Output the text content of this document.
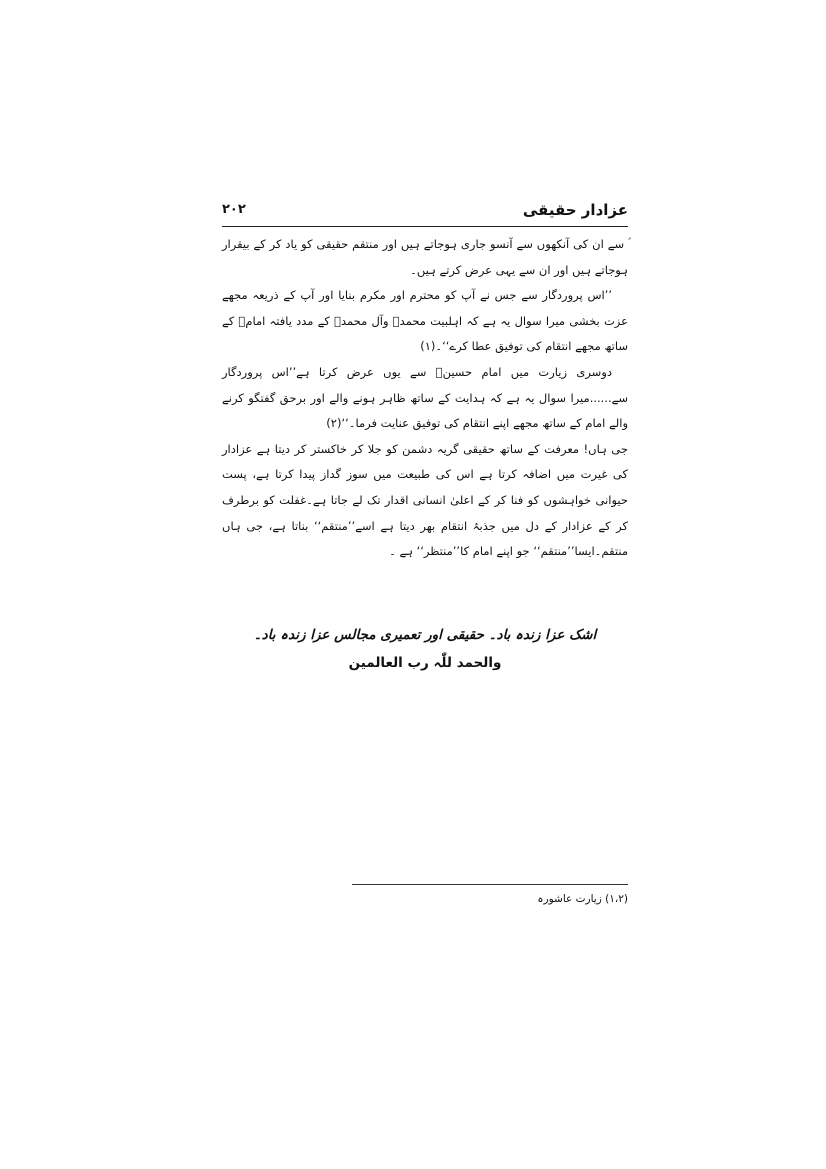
عزادار حقیقی
۲۰۲

ؑ سے ان کی آنکھوں سے آنسو جاری ہوجاتے ہیں اور منتقم حقیقی کو یاد کر کے بیقرار ہوجاتے ہیں اور ان سے یہی عرض کرتے ہیں۔

’’اس پروردگار سے جس نے آپ کو محترم اور مکرم بنایا اور آپ کے ذریعہ مجھے عزت بخشی میرا سوال یہ ہے کہ اہلبیت محمدؐ وآل محمدؐ کے مدد یافتہ امامؑ کے ساتھ مجھے انتقام کی توفیق عطا کرے‘‘۔(۱)

دوسری زیارت میں امام حسینؑ سے یوں عرض کرتا ہے’’اس پروردگار سے......میرا سوال یہ ہے کہ ہدایت کے ساتھ ظاہر ہونے والے اور برحق گفتگو کرنے والے امام کے ساتھ مجھے اپنے انتقام کی توفیق عنایت فرما۔‘‘(۲)

جی ہاں! معرفت کے ساتھ حقیقی گریہ دشمن کو جلا کر خاکستر کر دیتا ہے عزادار کی غیرت میں اضافہ کرتا ہے اس کی طبیعت میں سوز گداز پیدا کرتا ہے، پست حیوانی خواہشوں کو فنا کر کے اعلیٰ انسانی اقدار تک لے جاتا ہے۔غفلت کو برطرف کر کے عزادار کے دل میں جذبۂ انتقام بھر دیتا ہے اسے’’منتقم‘‘ بناتا ہے، جی ہاں منتقم۔ایسا’’منتقم‘‘ جو اپنے امام کا’’منتظر‘‘ ہے ۔

اشک عزا زندہ باد۔ حقیقی اور تعمیری مجالس عزا زندہ باد۔
والحمد للّٰہ رب العالمین
(۱،۲) زیارت عاشورہ
